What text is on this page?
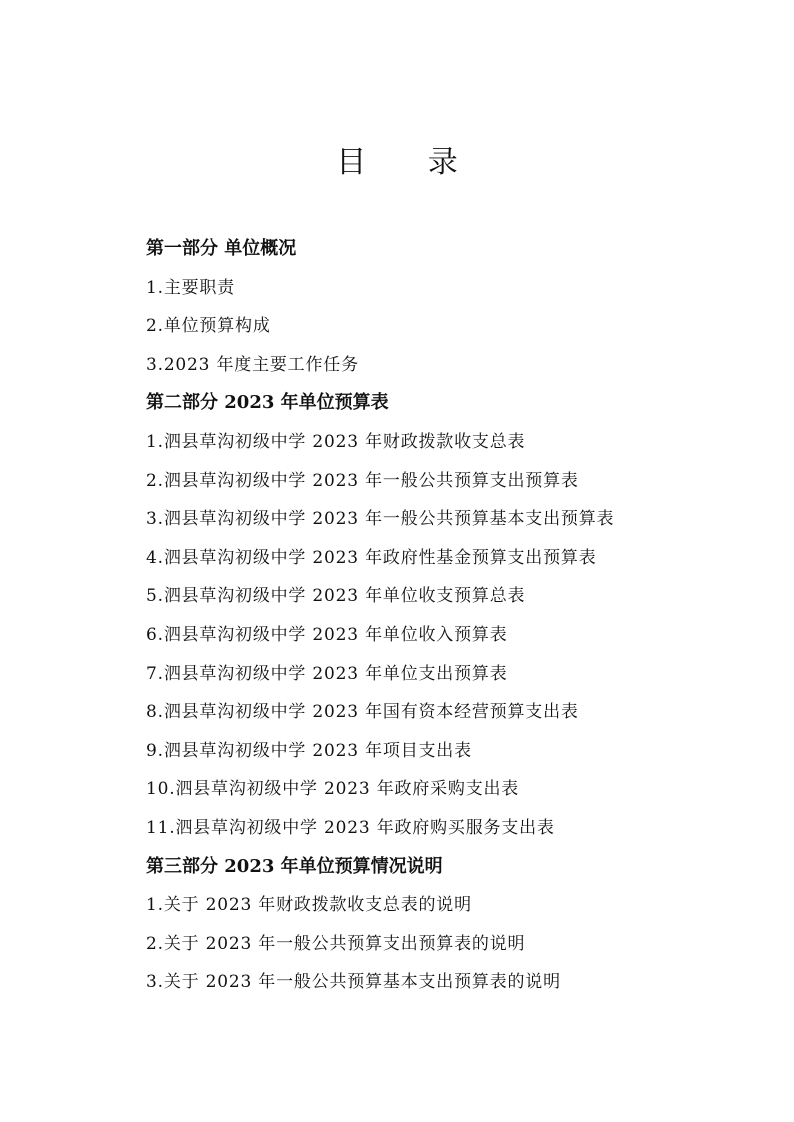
目 录
第一部分 单位概况
1.主要职责
2.单位预算构成
3.2023 年度主要工作任务
第二部分 2023 年单位预算表
1.泗县草沟初级中学 2023 年财政拨款收支总表
2.泗县草沟初级中学 2023 年一般公共预算支出预算表
3.泗县草沟初级中学 2023 年一般公共预算基本支出预算表
4.泗县草沟初级中学 2023 年政府性基金预算支出预算表
5.泗县草沟初级中学 2023 年单位收支预算总表
6.泗县草沟初级中学 2023 年单位收入预算表
7.泗县草沟初级中学 2023 年单位支出预算表
8.泗县草沟初级中学 2023 年国有资本经营预算支出表
9.泗县草沟初级中学 2023 年项目支出表
10.泗县草沟初级中学 2023 年政府采购支出表
11.泗县草沟初级中学 2023 年政府购买服务支出表
第三部分 2023 年单位预算情况说明
1.关于 2023 年财政拨款收支总表的说明
2.关于 2023 年一般公共预算支出预算表的说明
3.关于 2023 年一般公共预算基本支出预算表的说明
